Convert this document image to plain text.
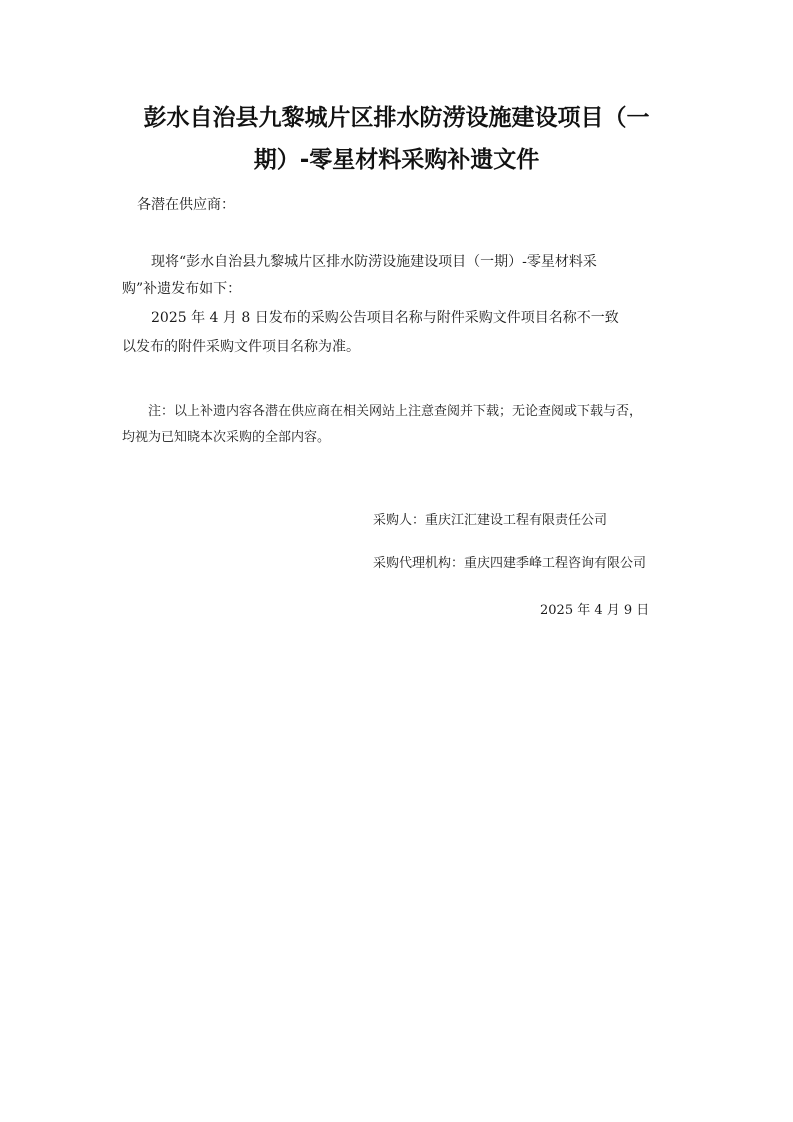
彭水自治县九黎城片区排水防涝设施建设项目（一
期）-零星材料采购补遗文件
各潜在供应商：
现将“彭水自治县九黎城片区排水防涝设施建设项目（一期）-零星材料采
购”补遗发布如下：
2025 年 4 月 8 日发布的采购公告项目名称与附件采购文件项目名称不一致
以发布的附件采购文件项目名称为准。
注：以上补遗内容各潜在供应商在相关网站上注意查阅并下载；无论查阅或下载与否，
均视为已知晓本次采购的全部内容。
采购人：重庆江汇建设工程有限责任公司
采购代理机构：重庆四建季峰工程咨询有限公司
2025 年 4 月 9 日
